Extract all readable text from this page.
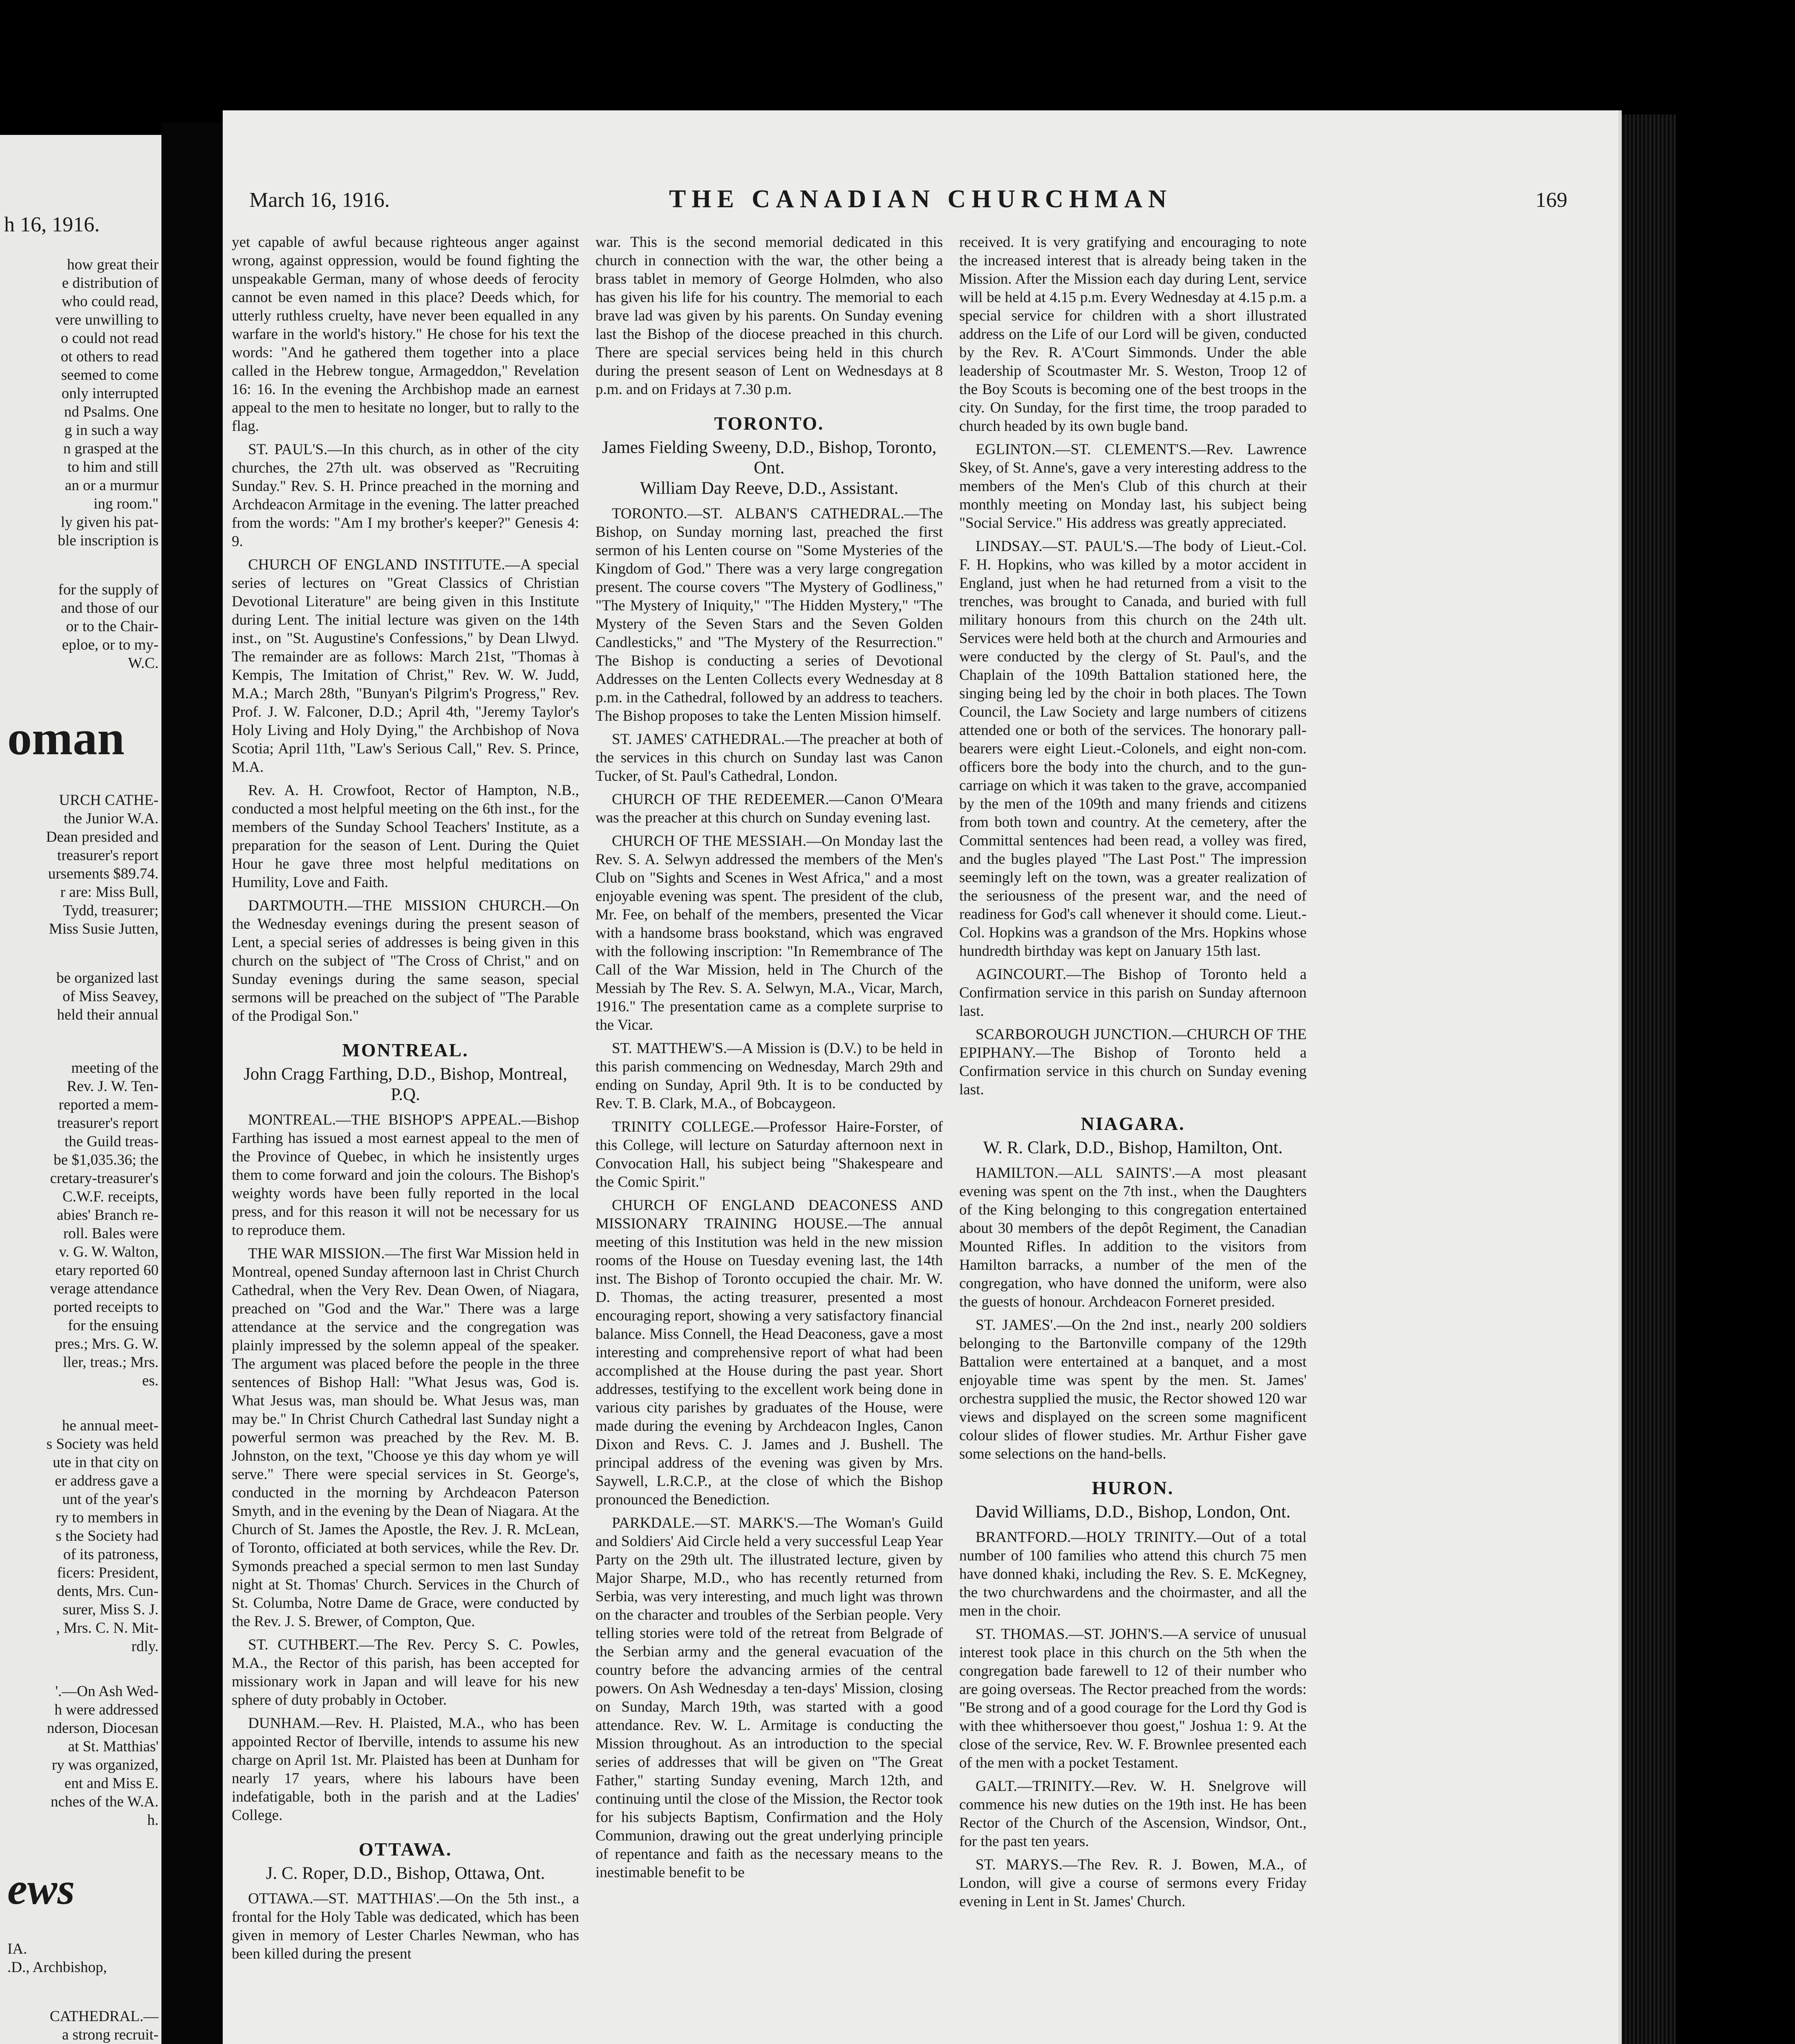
h 16, 1916.

how great their
e distribution of
who could read,
vere unwilling to
o could not read
ot others to read
seemed to come
only interrupted
nd Psalms. One
g in such a way
n grasped at the
to him and still
an or a murmur
ing room."
ly given his pat-
ble inscription is

for the supply of
and those of our
or to the Chair-
eploe, or to my-
W.C.

oman

URCH CATHE-
the Junior W.A.
Dean presided and
treasurer's report
ursements $89.74.
r are: Miss Bull,
Tydd, treasurer;
Miss Susie Jutten,

be organized last
of Miss Seavey,
held their annual

meeting of the
Rev. J. W. Ten-
reported a mem-
treasurer's report
the Guild treas-
be $1,035.36; the
cretary-treasurer's
C.W.F. receipts,
abies' Branch re-
roll. Bales were
v. G. W. Walton,
etary reported 60
verage attendance
ported receipts to
for the ensuing
pres.; Mrs. G. W.
ller, treas.; Mrs.
es.

he annual meet-
s Society was held
ute in that city on
er address gave a
unt of the year's
ry to members in
s the Society had
of its patroness,
ficers: President,
dents, Mrs. Cun-
surer, Miss S. J.
, Mrs. C. N. Mit-
rdly.

'.—On Ash Wed-
h were addressed
nderson, Diocesan
at St. Matthias'
ry was organized,
ent and Miss E.
nches of the W.A.
h.

ews

IA.
.D., Archbishop,

CATHEDRAL.—
a strong recruit-

March 16, 1916.	THE CANADIAN CHURCHMAN	169

yet capable of awful because righteous anger against wrong, against oppression, would be found fighting the unspeakable German, many of whose deeds of ferocity cannot be even named in this place? Deeds which, for utterly ruthless cruelty, have never been equalled in any warfare in the world's history." He chose for his text the words: "And he gathered them together into a place called in the Hebrew tongue, Armageddon," Revelation 16: 16. In the evening the Archbishop made an earnest appeal to the men to hesitate no longer, but to rally to the flag.

ST. PAUL'S.—In this church, as in other of the city churches, the 27th ult. was observed as "Recruiting Sunday." Rev. S. H. Prince preached in the morning and Archdeacon Armitage in the evening. The latter preached from the words: "Am I my brother's keeper?" Genesis 4: 9.

CHURCH OF ENGLAND INSTITUTE.—A special series of lectures on "Great Classics of Christian Devotional Literature" are being given in this Institute during Lent. The initial lecture was given on the 14th inst., on "St. Augustine's Confessions," by Dean Llwyd. The remainder are as follows: March 21st, "Thomas à Kempis, The Imitation of Christ," Rev. W. W. Judd, M.A.; March 28th, "Bunyan's Pilgrim's Progress," Rev. Prof. J. W. Falconer, D.D.; April 4th, "Jeremy Taylor's Holy Living and Holy Dying," the Archbishop of Nova Scotia; April 11th, "Law's Serious Call," Rev. S. Prince, M.A.

Rev. A. H. Crowfoot, Rector of Hampton, N.B., conducted a most helpful meeting on the 6th inst., for the members of the Sunday School Teachers' Institute, as a preparation for the season of Lent. During the Quiet Hour he gave three most helpful meditations on Humility, Love and Faith.

DARTMOUTH.—THE MISSION CHURCH.—On the Wednesday evenings during the present season of Lent, a special series of addresses is being given in this church on the subject of "The Cross of Christ," and on Sunday evenings during the same season, special sermons will be preached on the subject of "The Parable of the Prodigal Son."

MONTREAL.
John Cragg Farthing, D.D., Bishop, Montreal, P.Q.

MONTREAL.—THE BISHOP'S APPEAL.—Bishop Farthing has issued a most earnest appeal to the men of the Province of Quebec, in which he insistently urges them to come forward and join the colours. The Bishop's weighty words have been fully reported in the local press, and for this reason it will not be necessary for us to reproduce them.

THE WAR MISSION.—The first War Mission held in Montreal, opened Sunday afternoon last in Christ Church Cathedral, when the Very Rev. Dean Owen, of Niagara, preached on "God and the War." There was a large attendance at the service and the congregation was plainly impressed by the solemn appeal of the speaker. The argument was placed before the people in the three sentences of Bishop Hall: "What Jesus was, God is. What Jesus was, man should be. What Jesus was, man may be." In Christ Church Cathedral last Sunday night a powerful sermon was preached by the Rev. M. B. Johnston, on the text, "Choose ye this day whom ye will serve." There were special services in St. George's, conducted in the morning by Archdeacon Paterson Smyth, and in the evening by the Dean of Niagara. At the Church of St. James the Apostle, the Rev. J. R. McLean, of Toronto, officiated at both services, while the Rev. Dr. Symonds preached a special sermon to men last Sunday night at St. Thomas' Church. Services in the Church of St. Columba, Notre Dame de Grace, were conducted by the Rev. J. S. Brewer, of Compton, Que.

ST. CUTHBERT.—The Rev. Percy S. C. Powles, M.A., the Rector of this parish, has been accepted for missionary work in Japan and will leave for his new sphere of duty probably in October.

DUNHAM.—Rev. H. Plaisted, M.A., who has been appointed Rector of Iberville, intends to assume his new charge on April 1st. Mr. Plaisted has been at Dunham for nearly 17 years, where his labours have been indefatigable, both in the parish and at the Ladies' College.

OTTAWA.
J. C. Roper, D.D., Bishop, Ottawa, Ont.

OTTAWA.—ST. MATTHIAS'.—On the 5th inst., a frontal for the Holy Table was dedicated, which has been given in memory of Lester Charles Newman, who has been killed during the present

war. This is the second memorial dedicated in this church in connection with the war, the other being a brass tablet in memory of George Holmden, who also has given his life for his country. The memorial to each brave lad was given by his parents. On Sunday evening last the Bishop of the diocese preached in this church. There are special services being held in this church during the present season of Lent on Wednesdays at 8 p.m. and on Fridays at 7.30 p.m.

TORONTO.
James Fielding Sweeny, D.D., Bishop, Toronto, Ont.
William Day Reeve, D.D., Assistant.

TORONTO.—ST. ALBAN'S CATHEDRAL.—The Bishop, on Sunday morning last, preached the first sermon of his Lenten course on "Some Mysteries of the Kingdom of God." There was a very large congregation present. The course covers "The Mystery of Godliness," "The Mystery of Iniquity," "The Hidden Mystery," "The Mystery of the Seven Stars and the Seven Golden Candlesticks," and "The Mystery of the Resurrection." The Bishop is conducting a series of Devotional Addresses on the Lenten Collects every Wednesday at 8 p.m. in the Cathedral, followed by an address to teachers. The Bishop proposes to take the Lenten Mission himself.

ST. JAMES' CATHEDRAL.—The preacher at both of the services in this church on Sunday last was Canon Tucker, of St. Paul's Cathedral, London.

CHURCH OF THE REDEEMER.—Canon O'Meara was the preacher at this church on Sunday evening last.

CHURCH OF THE MESSIAH.—On Monday last the Rev. S. A. Selwyn addressed the members of the Men's Club on "Sights and Scenes in West Africa," and a most enjoyable evening was spent. The president of the club, Mr. Fee, on behalf of the members, presented the Vicar with a handsome brass bookstand, which was engraved with the following inscription: "In Remembrance of The Call of the War Mission, held in The Church of the Messiah by The Rev. S. A. Selwyn, M.A., Vicar, March, 1916." The presentation came as a complete surprise to the Vicar.

ST. MATTHEW'S.—A Mission is (D.V.) to be held in this parish commencing on Wednesday, March 29th and ending on Sunday, April 9th. It is to be conducted by Rev. T. B. Clark, M.A., of Bobcaygeon.

TRINITY COLLEGE.—Professor Haire-Forster, of this College, will lecture on Saturday afternoon next in Convocation Hall, his subject being "Shakespeare and the Comic Spirit."

CHURCH OF ENGLAND DEACONESS AND MISSIONARY TRAINING HOUSE.—The annual meeting of this Institution was held in the new mission rooms of the House on Tuesday evening last, the 14th inst. The Bishop of Toronto occupied the chair. Mr. W. D. Thomas, the acting treasurer, presented a most encouraging report, showing a very satisfactory financial balance. Miss Connell, the Head Deaconess, gave a most interesting and comprehensive report of what had been accomplished at the House during the past year. Short addresses, testifying to the excellent work being done in various city parishes by graduates of the House, were made during the evening by Archdeacon Ingles, Canon Dixon and Revs. C. J. James and J. Bushell. The principal address of the evening was given by Mrs. Saywell, L.R.C.P., at the close of which the Bishop pronounced the Benediction.

PARKDALE.—ST. MARK'S.—The Woman's Guild and Soldiers' Aid Circle held a very successful Leap Year Party on the 29th ult. The illustrated lecture, given by Major Sharpe, M.D., who has recently returned from Serbia, was very interesting, and much light was thrown on the character and troubles of the Serbian people. Very telling stories were told of the retreat from Belgrade of the Serbian army and the general evacuation of the country before the advancing armies of the central powers. On Ash Wednesday a ten-days' Mission, closing on Sunday, March 19th, was started with a good attendance. Rev. W. L. Armitage is conducting the Mission throughout. As an introduction to the special series of addresses that will be given on "The Great Father," starting Sunday evening, March 12th, and continuing until the close of the Mission, the Rector took for his subjects Baptism, Confirmation and the Holy Communion, drawing out the great underlying principle of repentance and faith as the necessary means to the inestimable benefit to be

received. It is very gratifying and encouraging to note the increased interest that is already being taken in the Mission. After the Mission each day during Lent, service will be held at 4.15 p.m. Every Wednesday at 4.15 p.m. a special service for children with a short illustrated address on the Life of our Lord will be given, conducted by the Rev. R. A'Court Simmonds. Under the able leadership of Scoutmaster Mr. S. Weston, Troop 12 of the Boy Scouts is becoming one of the best troops in the city. On Sunday, for the first time, the troop paraded to church headed by its own bugle band.

EGLINTON.—ST. CLEMENT'S.—Rev. Lawrence Skey, of St. Anne's, gave a very interesting address to the members of the Men's Club of this church at their monthly meeting on Monday last, his subject being "Social Service." His address was greatly appreciated.

LINDSAY.—ST. PAUL'S.—The body of Lieut.-Col. F. H. Hopkins, who was killed by a motor accident in England, just when he had returned from a visit to the trenches, was brought to Canada, and buried with full military honours from this church on the 24th ult. Services were held both at the church and Armouries and were conducted by the clergy of St. Paul's, and the Chaplain of the 109th Battalion stationed here, the singing being led by the choir in both places. The Town Council, the Law Society and large numbers of citizens attended one or both of the services. The honorary pall-bearers were eight Lieut.-Colonels, and eight non-com. officers bore the body into the church, and to the gun-carriage on which it was taken to the grave, accompanied by the men of the 109th and many friends and citizens from both town and country. At the cemetery, after the Committal sentences had been read, a volley was fired, and the bugles played "The Last Post." The impression seemingly left on the town, was a greater realization of the seriousness of the present war, and the need of readiness for God's call whenever it should come. Lieut.-Col. Hopkins was a grandson of the Mrs. Hopkins whose hundredth birthday was kept on January 15th last.

AGINCOURT.—The Bishop of Toronto held a Confirmation service in this parish on Sunday afternoon last.

SCARBOROUGH JUNCTION.—CHURCH OF THE EPIPHANY.—The Bishop of Toronto held a Confirmation service in this church on Sunday evening last.

NIAGARA.
W. R. Clark, D.D., Bishop, Hamilton, Ont.

HAMILTON.—ALL SAINTS'.—A most pleasant evening was spent on the 7th inst., when the Daughters of the King belonging to this congregation entertained about 30 members of the depôt Regiment, the Canadian Mounted Rifles. In addition to the visitors from Hamilton barracks, a number of the men of the congregation, who have donned the uniform, were also the guests of honour. Archdeacon Forneret presided.

ST. JAMES'.—On the 2nd inst., nearly 200 soldiers belonging to the Bartonville company of the 129th Battalion were entertained at a banquet, and a most enjoyable time was spent by the men. St. James' orchestra supplied the music, the Rector showed 120 war views and displayed on the screen some magnificent colour slides of flower studies. Mr. Arthur Fisher gave some selections on the hand-bells.

HURON.
David Williams, D.D., Bishop, London, Ont.

BRANTFORD.—HOLY TRINITY.—Out of a total number of 100 families who attend this church 75 men have donned khaki, including the Rev. S. E. McKegney, the two churchwardens and the choirmaster, and all the men in the choir.

ST. THOMAS.—ST. JOHN'S.—A service of unusual interest took place in this church on the 5th when the congregation bade farewell to 12 of their number who are going overseas. The Rector preached from the words: "Be strong and of a good courage for the Lord thy God is with thee whithersoever thou goest," Joshua 1: 9. At the close of the service, Rev. W. F. Brownlee presented each of the men with a pocket Testament.

GALT.—TRINITY.—Rev. W. H. Snelgrove will commence his new duties on the 19th inst. He has been Rector of the Church of the Ascension, Windsor, Ont., for the past ten years.

ST. MARYS.—The Rev. R. J. Bowen, M.A., of London, will give a course of sermons every Friday evening in Lent in St. James' Church.
